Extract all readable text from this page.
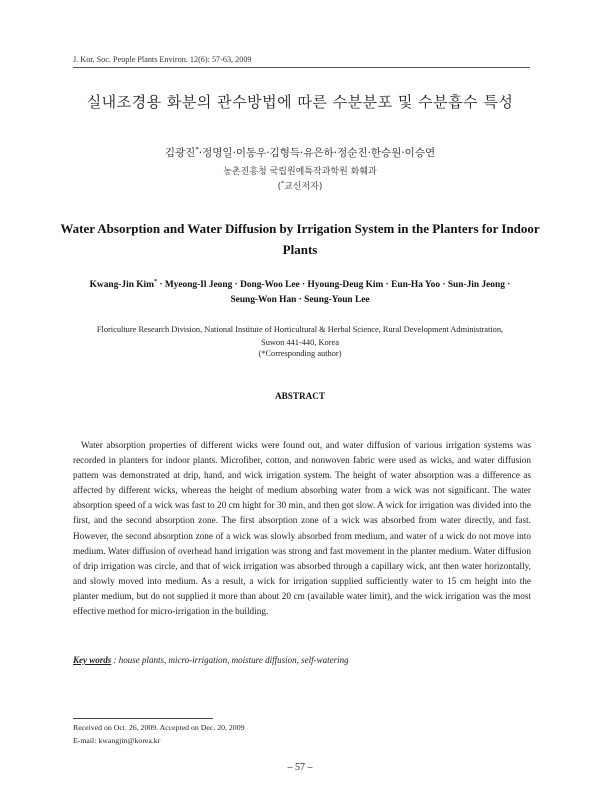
J. Kor. Soc. People Plants Environ. 12(6): 57-63, 2009
실내조경용 화분의 관수방법에 따른 수분분포 및 수분흡수 특성
김광진*·정명일·이동우·김형득·유은하·정순진·한승원·이승연
농촌진흥청 국립원예특작과학원 화훼과
(*교신저자)
Water Absorption and Water Diffusion by Irrigation System in the Planters for Indoor Plants
Kwang-Jin Kim* · Myeong-Il Jeong · Dong-Woo Lee · Hyoung-Deug Kim · Eun-Ha Yoo · Sun-Jin Jeong ·
Seung-Won Han · Seung-Youn Lee
Floriculture Research Division, National Institute of Horticultural & Herbal Science, Rural Development Administration,
Suwon 441-440, Korea
(*Corresponding author)
ABSTRACT
Water absorption properties of different wicks were found out, and water diffusion of various irrigation systems was recorded in planters for indoor plants. Microfiber, cotton, and nonwoven fabric were used as wicks, and water diffusion pattern was demonstrated at drip, hand, and wick irrigation system. The height of water absorption was a difference as affected by different wicks, whereas the height of medium absorbing water from a wick was not significant. The water absorption speed of a wick was fast to 20 cm hight for 30 min, and then got slow. A wick for irrigation was divided into the first, and the second absorption zone. The first absorption zone of a wick was absorbed from water directly, and fast. However, the second absorption zone of a wick was slowly absorbed from medium, and water of a wick do not move into medium. Water diffusion of overhead hand irrigation was strong and fast movement in the planter medium. Water diffusion of drip irrigation was circle, and that of wick irrigation was absorbed through a capillary wick, ant then water horizontally, and slowly moved into medium. As a result, a wick for irrigation supplied sufficiently water to 15 cm height into the planter medium, but do not supplied it more than about 20 cm (available water limit), and the wick irrigation was the most effective method for micro-irrigation in the building.
Key words : house plants, micro-irrigation, moisture diffusion, self-watering
Received on Oct. 26, 2009. Accepted on Dec. 20, 2009
E-mail: kwangjin@korea.kr
– 57 –
